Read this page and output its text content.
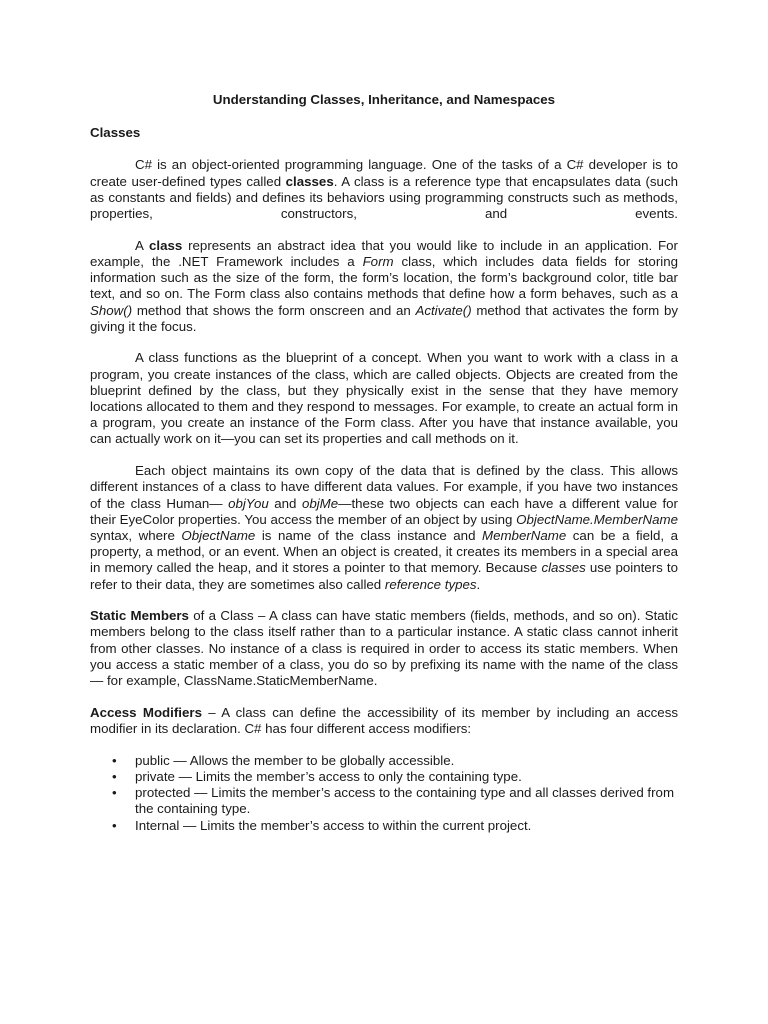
Understanding Classes, Inheritance, and Namespaces
Classes

C# is an object-oriented programming language. One of the tasks of a C# developer is to create user-defined types called classes. A class is a reference type that encapsulates data (such as constants and fields) and defines its behaviors using programming constructs such as methods, properties, constructors, and events.

A class represents an abstract idea that you would like to include in an application. For example, the .NET Framework includes a Form class, which includes data fields for storing information such as the size of the form, the form’s location, the form’s background color, title bar text, and so on. The Form class also contains methods that define how a form behaves, such as a Show() method that shows the form onscreen and an Activate() method that activates the form by giving it the focus.

A class functions as the blueprint of a concept. When you want to work with a class in a program, you create instances of the class, which are called objects. Objects are created from the blueprint defined by the class, but they physically exist in the sense that they have memory locations allocated to them and they respond to messages. For example, to create an actual form in a program, you create an instance of the Form class. After you have that instance available, you can actually work on it—you can set its properties and call methods on it.

Each object maintains its own copy of the data that is defined by the class. This allows different instances of a class to have different data values. For example, if you have two instances of the class Human— objYou and objMe—these two objects can each have a different value for their EyeColor properties. You access the member of an object by using ObjectName.MemberName syntax, where ObjectName is name of the class instance and MemberName can be a field, a property, a method, or an event. When an object is created, it creates its members in a special area in memory called the heap, and it stores a pointer to that memory. Because classes use pointers to refer to their data, they are sometimes also called reference types.

Static Members of a Class – A class can have static members (fields, methods, and so on). Static members belong to the class itself rather than to a particular instance. A static class cannot inherit from other classes. No instance of a class is required in order to access its static members. When you access a static member of a class, you do so by prefixing its name with the name of the class — for example, ClassName.StaticMemberName.

Access Modifiers – A class can define the accessibility of its member by including an access modifier in its declaration. C# has four different access modifiers:

• public — Allows the member to be globally accessible.
• private — Limits the member’s access to only the containing type.
• protected — Limits the member’s access to the containing type and all classes derived from the containing type.
• Internal — Limits the member’s access to within the current project.
